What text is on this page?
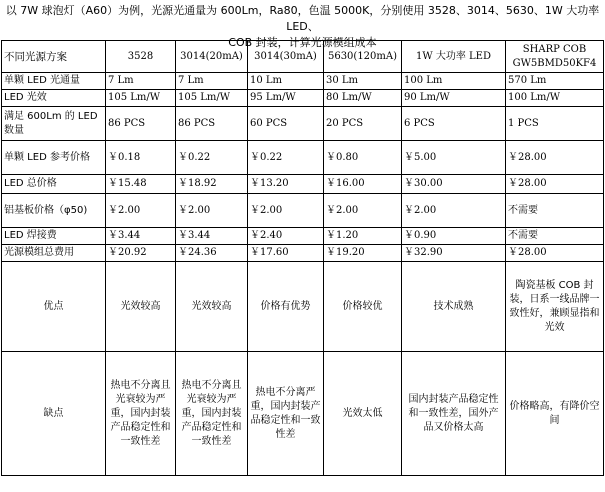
以 7W 球泡灯（A60）为例，光源光通量为 600Lm，Ra80，色温 5000K，分别使用 3528、3014、5630、1W 大功率 LED、
COB 封装，计算光源模组成本
不同光源方案	3528	3014(20mA)	3014(30mA)	5630(120mA)	1W 大功率 LED	SHARP COB GW5BMD50KF4
单颗 LED 光通量	7 Lm	7 Lm	10 Lm	30 Lm	100 Lm	570 Lm
LED 光效	105 Lm/W	105 Lm/W	95 Lm/W	80 Lm/W	90 Lm/W	100 Lm/W
满足 600Lm 的 LED 数量	86 PCS	86 PCS	60 PCS	20 PCS	6 PCS	1 PCS
单颗 LED 参考价格	￥0.18	￥0.22	￥0.22	￥0.80	￥5.00	￥28.00
LED 总价格	￥15.48	￥18.92	￥13.20	￥16.00	￥30.00	￥28.00
铝基板价格（φ50)	￥2.00	￥2.00	￥2.00	￥2.00	￥2.00	不需要
LED 焊接费	￥3.44	￥3.44	￥2.40	￥1.20	￥0.90	不需要
光源模组总费用	￥20.92	￥24.36	￥17.60	￥19.20	￥32.90	￥28.00
优点	光效较高	光效较高	价格有优势	价格较优	技术成熟	陶瓷基板 COB 封装，日系一线品牌一致性好，兼顾显指和光效
缺点	热电不分离且光衰较为严重，国内封装产品稳定性和一致性差	热电不分离且光衰较为严重，国内封装产品稳定性和一致性差	热电不分离严重，国内封装产品稳定性和一致性差	光效太低	国内封装产品稳定性和一致性差，国外产品又价格太高	价格略高，有降价空间
